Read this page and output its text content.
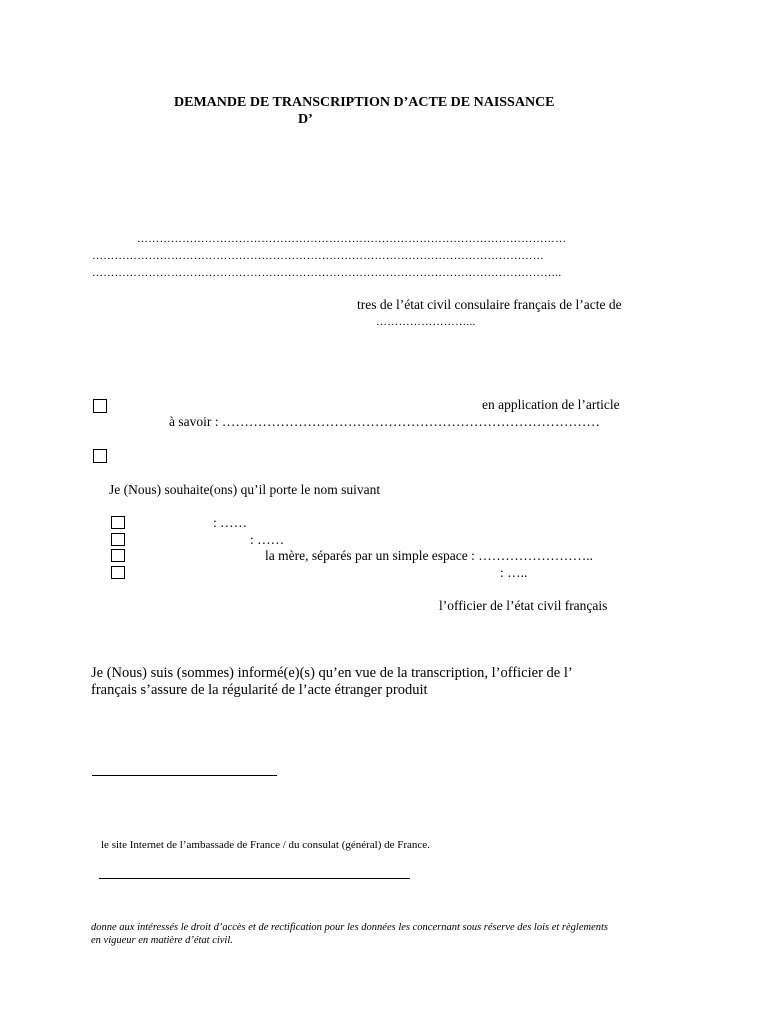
DEMANDE DE TRANSCRIPTION D’ACTE DE NAISSANCE
D’
……………………………………………………………………………………………………
…………………………………………………………………………………………………………
……………………………………………………………………………………………………………..
tres de l’état civil consulaire français de l’acte de
……………………...
en application de l’article
à savoir : …………………………………………………………………………
Je (Nous) souhaite(ons) qu’il porte le nom suivant
: ……
: ……
la mère, séparés par un simple espace : ……………………..
: …..
l’officier de l’état civil français
Je (Nous) suis (sommes) informé(e)(s) qu’en vue de la transcription, l’officier de l’
français s’assure de la régularité de l’acte étranger produit
le site Internet de l’ambassade de France / du consulat (général) de France.
donne aux intéressés le droit d’accès et de rectification pour les données les concernant sous réserve des lois et règlements
en vigueur en matière d’état civil.
